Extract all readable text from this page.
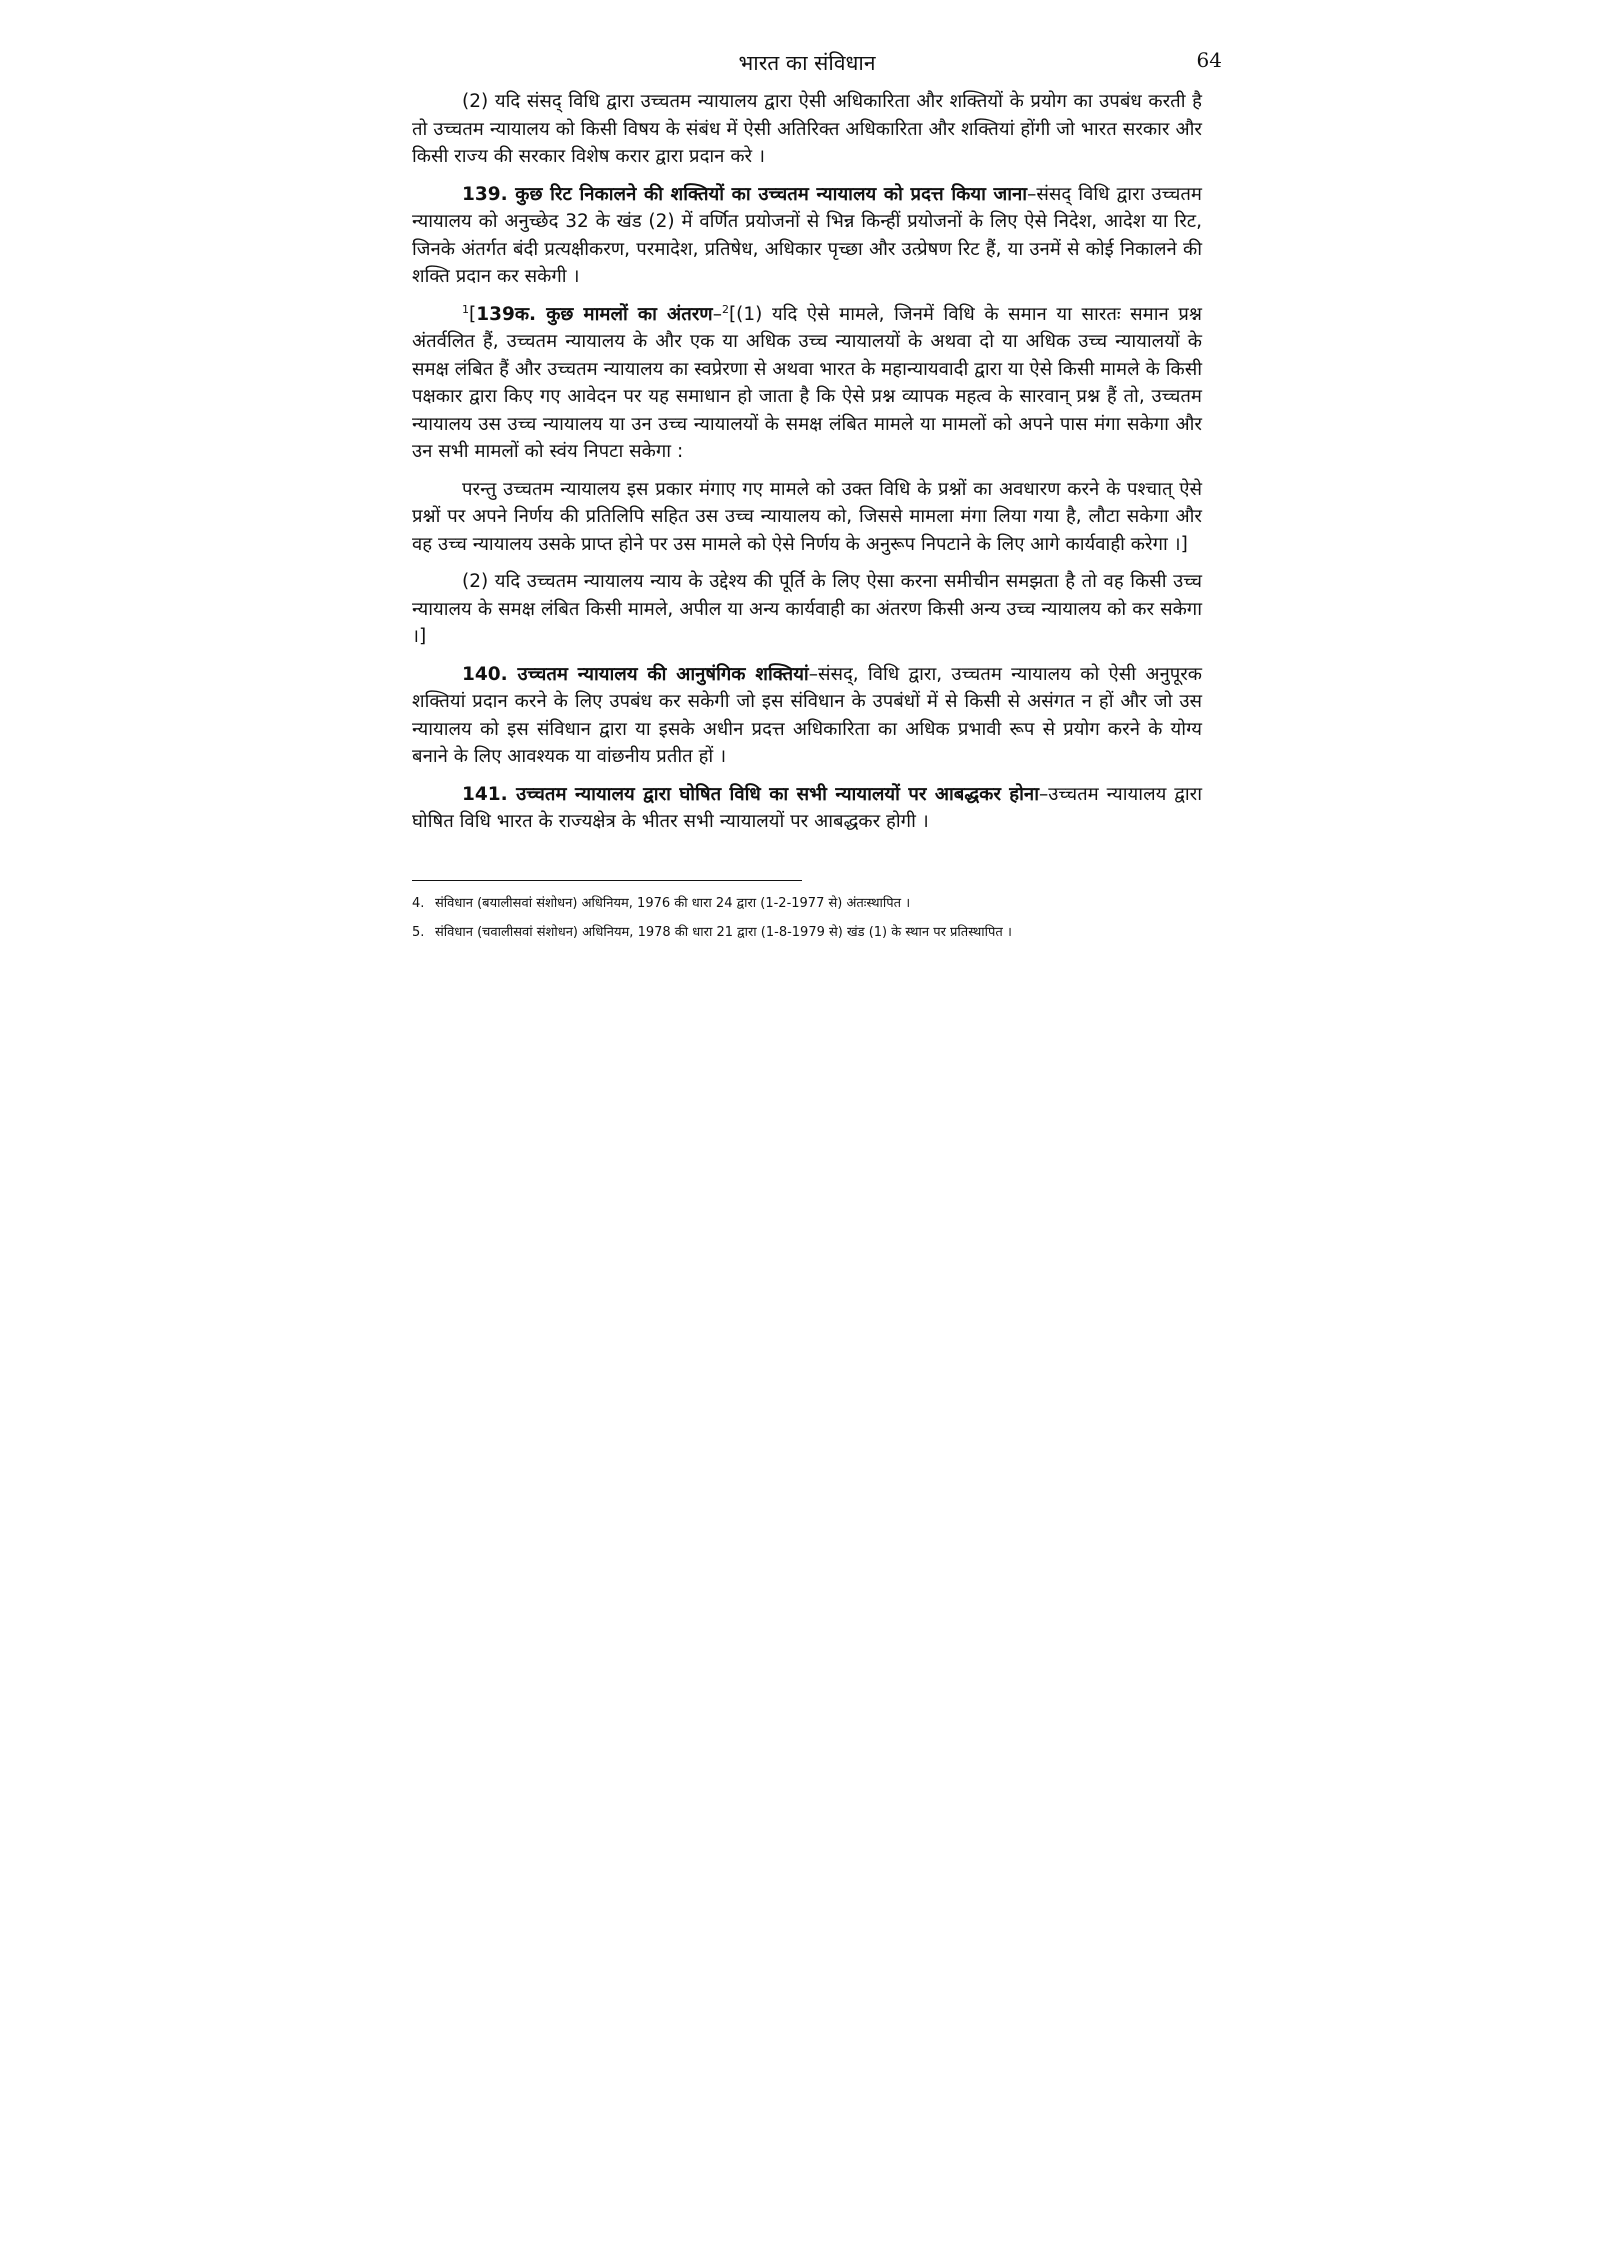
भारत का संविधान	64

(2) यदि संसद् विधि द्वारा उच्चतम न्यायालय द्वारा ऐसी अधिकारिता और शक्तियों के प्रयोग का उपबंध करती है तो उच्चतम न्यायालय को किसी विषय के संबंध में ऐसी अतिरिक्त अधिकारिता और शक्तियां होंगी जो भारत सरकार और किसी राज्य की सरकार विशेष करार द्वारा प्रदान करे ।

139. कुछ रिट निकालने की शक्तियों का उच्चतम न्यायालय को प्रदत्त किया जाना–संसद् विधि द्वारा उच्चतम न्यायालय को अनुच्छेद 32 के खंड (2) में वर्णित प्रयोजनों से भिन्न किन्हीं प्रयोजनों के लिए ऐसे निदेश, आदेश या रिट, जिनके अंतर्गत बंदी प्रत्यक्षीकरण, परमादेश, प्रतिषेध, अधिकार पृच्छा और उत्प्रेषण रिट हैं, या उनमें से कोई निकालने की शक्ति प्रदान कर सकेगी ।

$^1$[139क. कुछ मामलों का अंतरण–$^2$[(1) यदि ऐसे मामले, जिनमें विधि के समान या सारतः समान प्रश्न अंतर्वलित हैं, उच्चतम न्यायालय के और एक या अधिक उच्च न्यायालयों के अथवा दो या अधिक उच्च न्यायालयों के समक्ष लंबित हैं और उच्चतम न्यायालय का स्वप्रेरणा से अथवा भारत के महान्यायवादी द्वारा या ऐसे किसी मामले के किसी पक्षकार द्वारा किए गए आवेदन पर यह समाधान हो जाता है कि ऐसे प्रश्न व्यापक महत्व के सारवान् प्रश्न हैं तो, उच्चतम न्यायालय उस उच्च न्यायालय या उन उच्च न्यायालयों के समक्ष लंबित मामले या मामलों को अपने पास मंगा सकेगा और उन सभी मामलों को स्वंय निपटा सकेगा :

परन्तु उच्चतम न्यायालय इस प्रकार मंगाए गए मामले को उक्त विधि के प्रश्नों का अवधारण करने के पश्चात् ऐसे प्रश्नों पर अपने निर्णय की प्रतिलिपि सहित उस उच्च न्यायालय को, जिससे मामला मंगा लिया गया है, लौटा सकेगा और वह उच्च न्यायालय उसके प्राप्त होने पर उस मामले को ऐसे निर्णय के अनुरूप निपटाने के लिए आगे कार्यवाही करेगा ।]

(2) यदि उच्चतम न्यायालय न्याय के उद्देश्य की पूर्ति के लिए ऐसा करना समीचीन समझता है तो वह किसी उच्च न्यायालय के समक्ष लंबित किसी मामले, अपील या अन्य कार्यवाही का अंतरण किसी अन्य उच्च न्यायालय को कर सकेगा ।]

140. उच्चतम न्यायालय की आनुषंगिक शक्तियां–संसद्, विधि द्वारा, उच्चतम न्यायालय को ऐसी अनुपूरक शक्तियां प्रदान करने के लिए उपबंध कर सकेगी जो इस संविधान के उपबंधों में से किसी से असंगत न हों और जो उस न्यायालय को इस संविधान द्वारा या इसके अधीन प्रदत्त अधिकारिता का अधिक प्रभावी रूप से प्रयोग करने के योग्य बनाने के लिए आवश्यक या वांछनीय प्रतीत हों ।

141. उच्चतम न्यायालय द्वारा घोषित विधि का सभी न्यायालयों पर आबद्धकर होना–उच्चतम न्यायालय द्वारा घोषित विधि भारत के राज्यक्षेत्र के भीतर सभी न्यायालयों पर आबद्धकर होगी ।

4. संविधान (बयालीसवां संशोधन) अधिनियम, 1976 की धारा 24 द्वारा (1-2-1977 से) अंतःस्थापित ।
5. संविधान (चवालीसवां संशोधन) अधिनियम, 1978 की धारा 21 द्वारा (1-8-1979 से) खंड (1) के स्थान पर प्रतिस्थापित ।
